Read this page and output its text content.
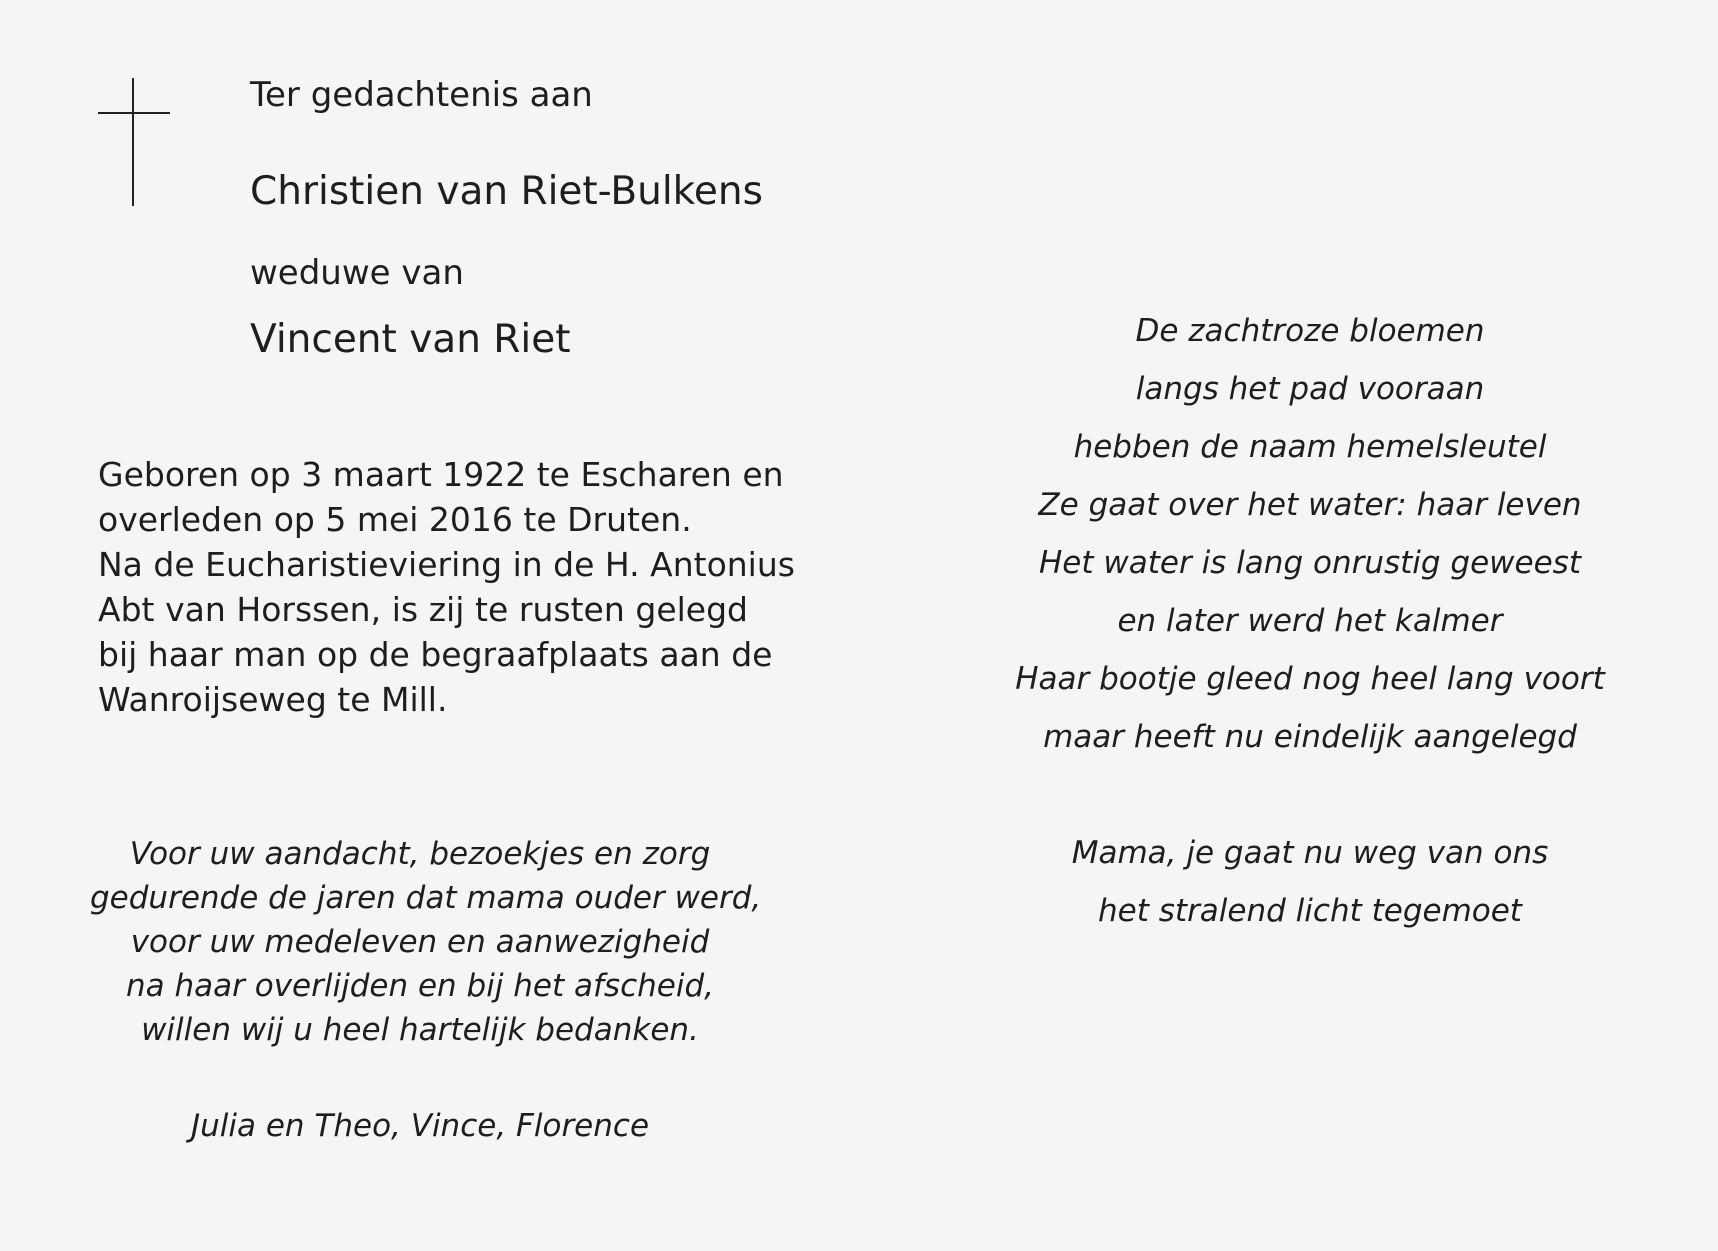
Ter gedachtenis aan
Christien van Riet-Bulkens
weduwe van
Vincent van Riet
Geboren op 3 maart 1922 te Escharen en
overleden op 5 mei 2016 te Druten.
Na de Eucharistieviering in de H. Antonius
Abt van Horssen, is zij te rusten gelegd
bij haar man op de begraafplaats aan de
Wanroijseweg te Mill.
Voor uw aandacht, bezoekjes en zorg
gedurende de jaren dat mama ouder werd,
voor uw medeleven en aanwezigheid
na haar overlijden en bij het afscheid,
willen wij u heel hartelijk bedanken.
Julia en Theo, Vince, Florence
De zachtroze bloemen
langs het pad vooraan
hebben de naam hemelsleutel
Ze gaat over het water: haar leven
Het water is lang onrustig geweest
en later werd het kalmer
Haar bootje gleed nog heel lang voort
maar heeft nu eindelijk aangelegd
Mama, je gaat nu weg van ons
het stralend licht tegemoet
